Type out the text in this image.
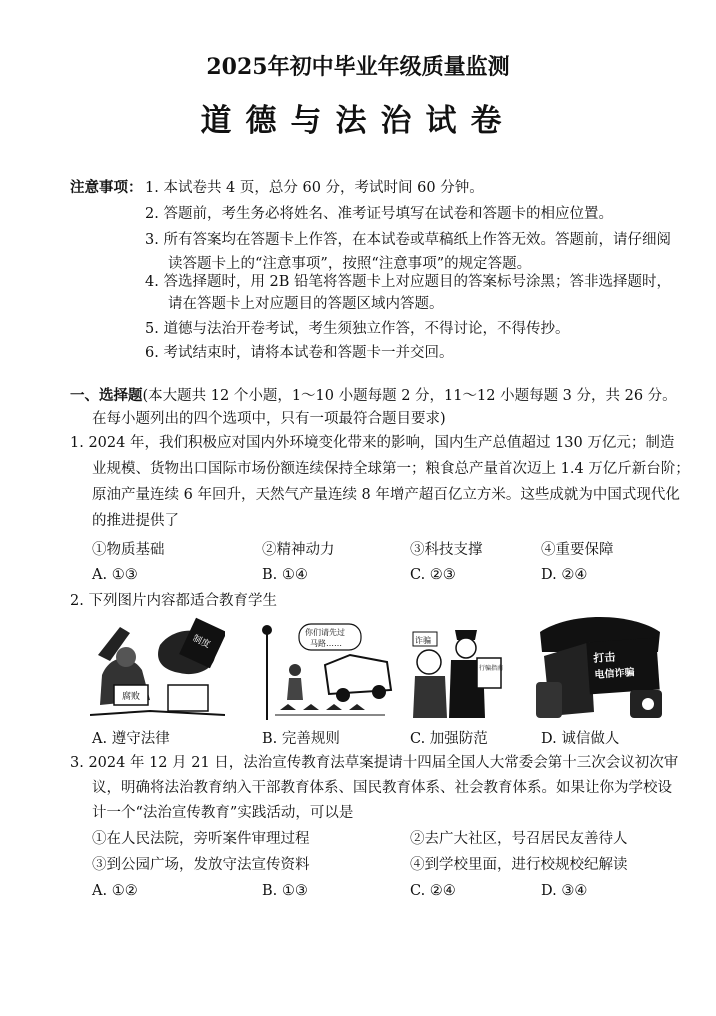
2025年初中毕业年级质量监测
道德与法治试卷
注意事项： 1. 本试卷共 4 页，总分 60 分，考试时间 60 分钟。
2. 答题前，考生务必将姓名、准考证号填写在试卷和答题卡的相应位置。
3. 所有答案均在答题卡上作答，在本试卷或草稿纸上作答无效。答题前，请仔细阅
读答题卡上的“注意事项”，按照“注意事项”的规定答题。
4. 答选择题时，用 2B 铅笔将答题卡上对应题目的答案标号涂黑；答非选择题时，
请在答题卡上对应题目的答题区域内答题。
5. 道德与法治开卷考试，考生须独立作答，不得讨论，不得传抄。
6. 考试结束时，请将本试卷和答题卡一并交回。
一、选择题(本大题共 12 个小题，1～10 小题每题 2 分，11～12 小题每题 3 分，共 26 分。
在每小题列出的四个选项中，只有一项最符合题目要求)
1. 2024 年，我们积极应对国内外环境变化带来的影响，国内生产总值超过 130 万亿元；制造
业规模、货物出口国际市场份额连续保持全球第一；粮食总产量首次迈上 1.4 万亿斤新台阶；
原油产量连续 6 年回升，天然气产量连续 8 年增产超百亿立方米。这些成就为中国式现代化
的推进提供了
①物质基础	②精神动力	③科技支撑	④重要保障
A. ①③	B. ①④	C. ②③	D. ②④
2. 下列图片内容都适合教育学生
腐败
制度
你们请先过
马路……	诈骗
行骗指南
打击
电信诈骗
A. 遵守法律	B. 完善规则	C. 加强防范	D. 诚信做人
3. 2024 年 12 月 21 日，法治宣传教育法草案提请十四届全国人大常委会第十三次会议初次审
议，明确将法治教育纳入干部教育体系、国民教育体系、社会教育体系。如果让你为学校设
计一个“法治宣传教育”实践活动，可以是
①在人民法院，旁听案件审理过程	②去广大社区，号召居民友善待人
③到公园广场，发放守法宣传资料	④到学校里面，进行校规校纪解读
A. ①②	B. ①③	C. ②④	D. ③④
